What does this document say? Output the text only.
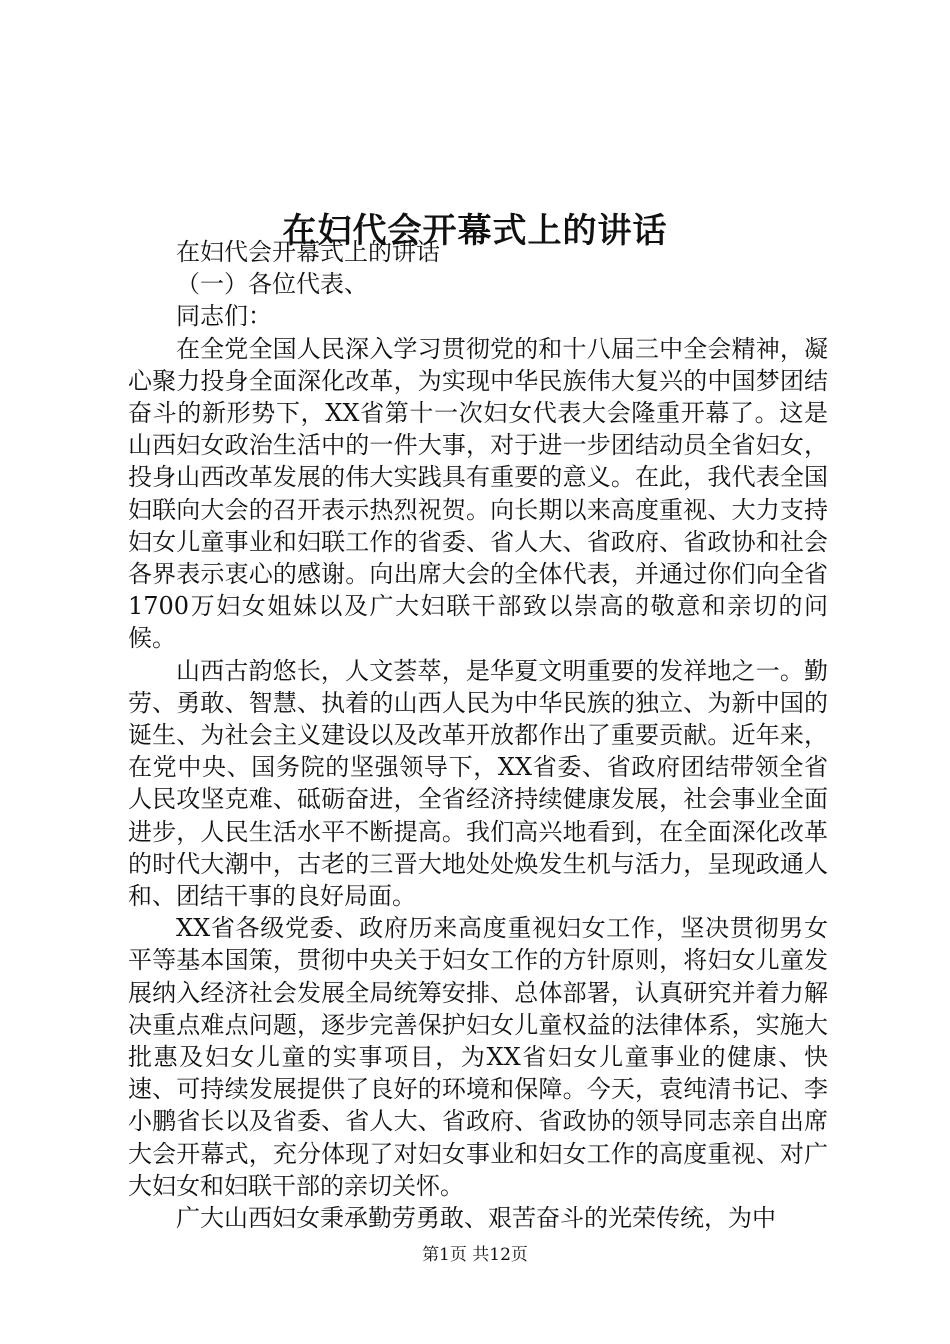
在妇代会开幕式上的讲话

在妇代会开幕式上的讲话

（一）各位代表、

同志们：

在全党全国人民深入学习贯彻党的和十八届三中全会精神，凝心聚力投身全面深化改革，为实现中华民族伟大复兴的中国梦团结奋斗的新形势下，XX省第十一次妇女代表大会隆重开幕了。这是山西妇女政治生活中的一件大事，对于进一步团结动员全省妇女，投身山西改革发展的伟大实践具有重要的意义。在此，我代表全国妇联向大会的召开表示热烈祝贺。向长期以来高度重视、大力支持妇女儿童事业和妇联工作的省委、省人大、省政府、省政协和社会各界表示衷心的感谢。向出席大会的全体代表，并通过你们向全省1700万妇女姐妹以及广大妇联干部致以崇高的敬意和亲切的问候。

山西古韵悠长，人文荟萃，是华夏文明重要的发祥地之一。勤劳、勇敢、智慧、执着的山西人民为中华民族的独立、为新中国的诞生、为社会主义建设以及改革开放都作出了重要贡献。近年来，在党中央、国务院的坚强领导下，XX省委、省政府团结带领全省人民攻坚克难、砥砺奋进，全省经济持续健康发展，社会事业全面进步，人民生活水平不断提高。我们高兴地看到，在全面深化改革的时代大潮中，古老的三晋大地处处焕发生机与活力，呈现政通人和、团结干事的良好局面。

XX省各级党委、政府历来高度重视妇女工作，坚决贯彻男女平等基本国策，贯彻中央关于妇女工作的方针原则，将妇女儿童发展纳入经济社会发展全局统筹安排、总体部署，认真研究并着力解决重点难点问题，逐步完善保护妇女儿童权益的法律体系，实施大批惠及妇女儿童的实事项目，为XX省妇女儿童事业的健康、快速、可持续发展提供了良好的环境和保障。今天，袁纯清书记、李小鹏省长以及省委、省人大、省政府、省政协的领导同志亲自出席大会开幕式，充分体现了对妇女事业和妇女工作的高度重视、对广大妇女和妇联干部的亲切关怀。

广大山西妇女秉承勤劳勇敢、艰苦奋斗的光荣传统，为中

第1页 共12页
